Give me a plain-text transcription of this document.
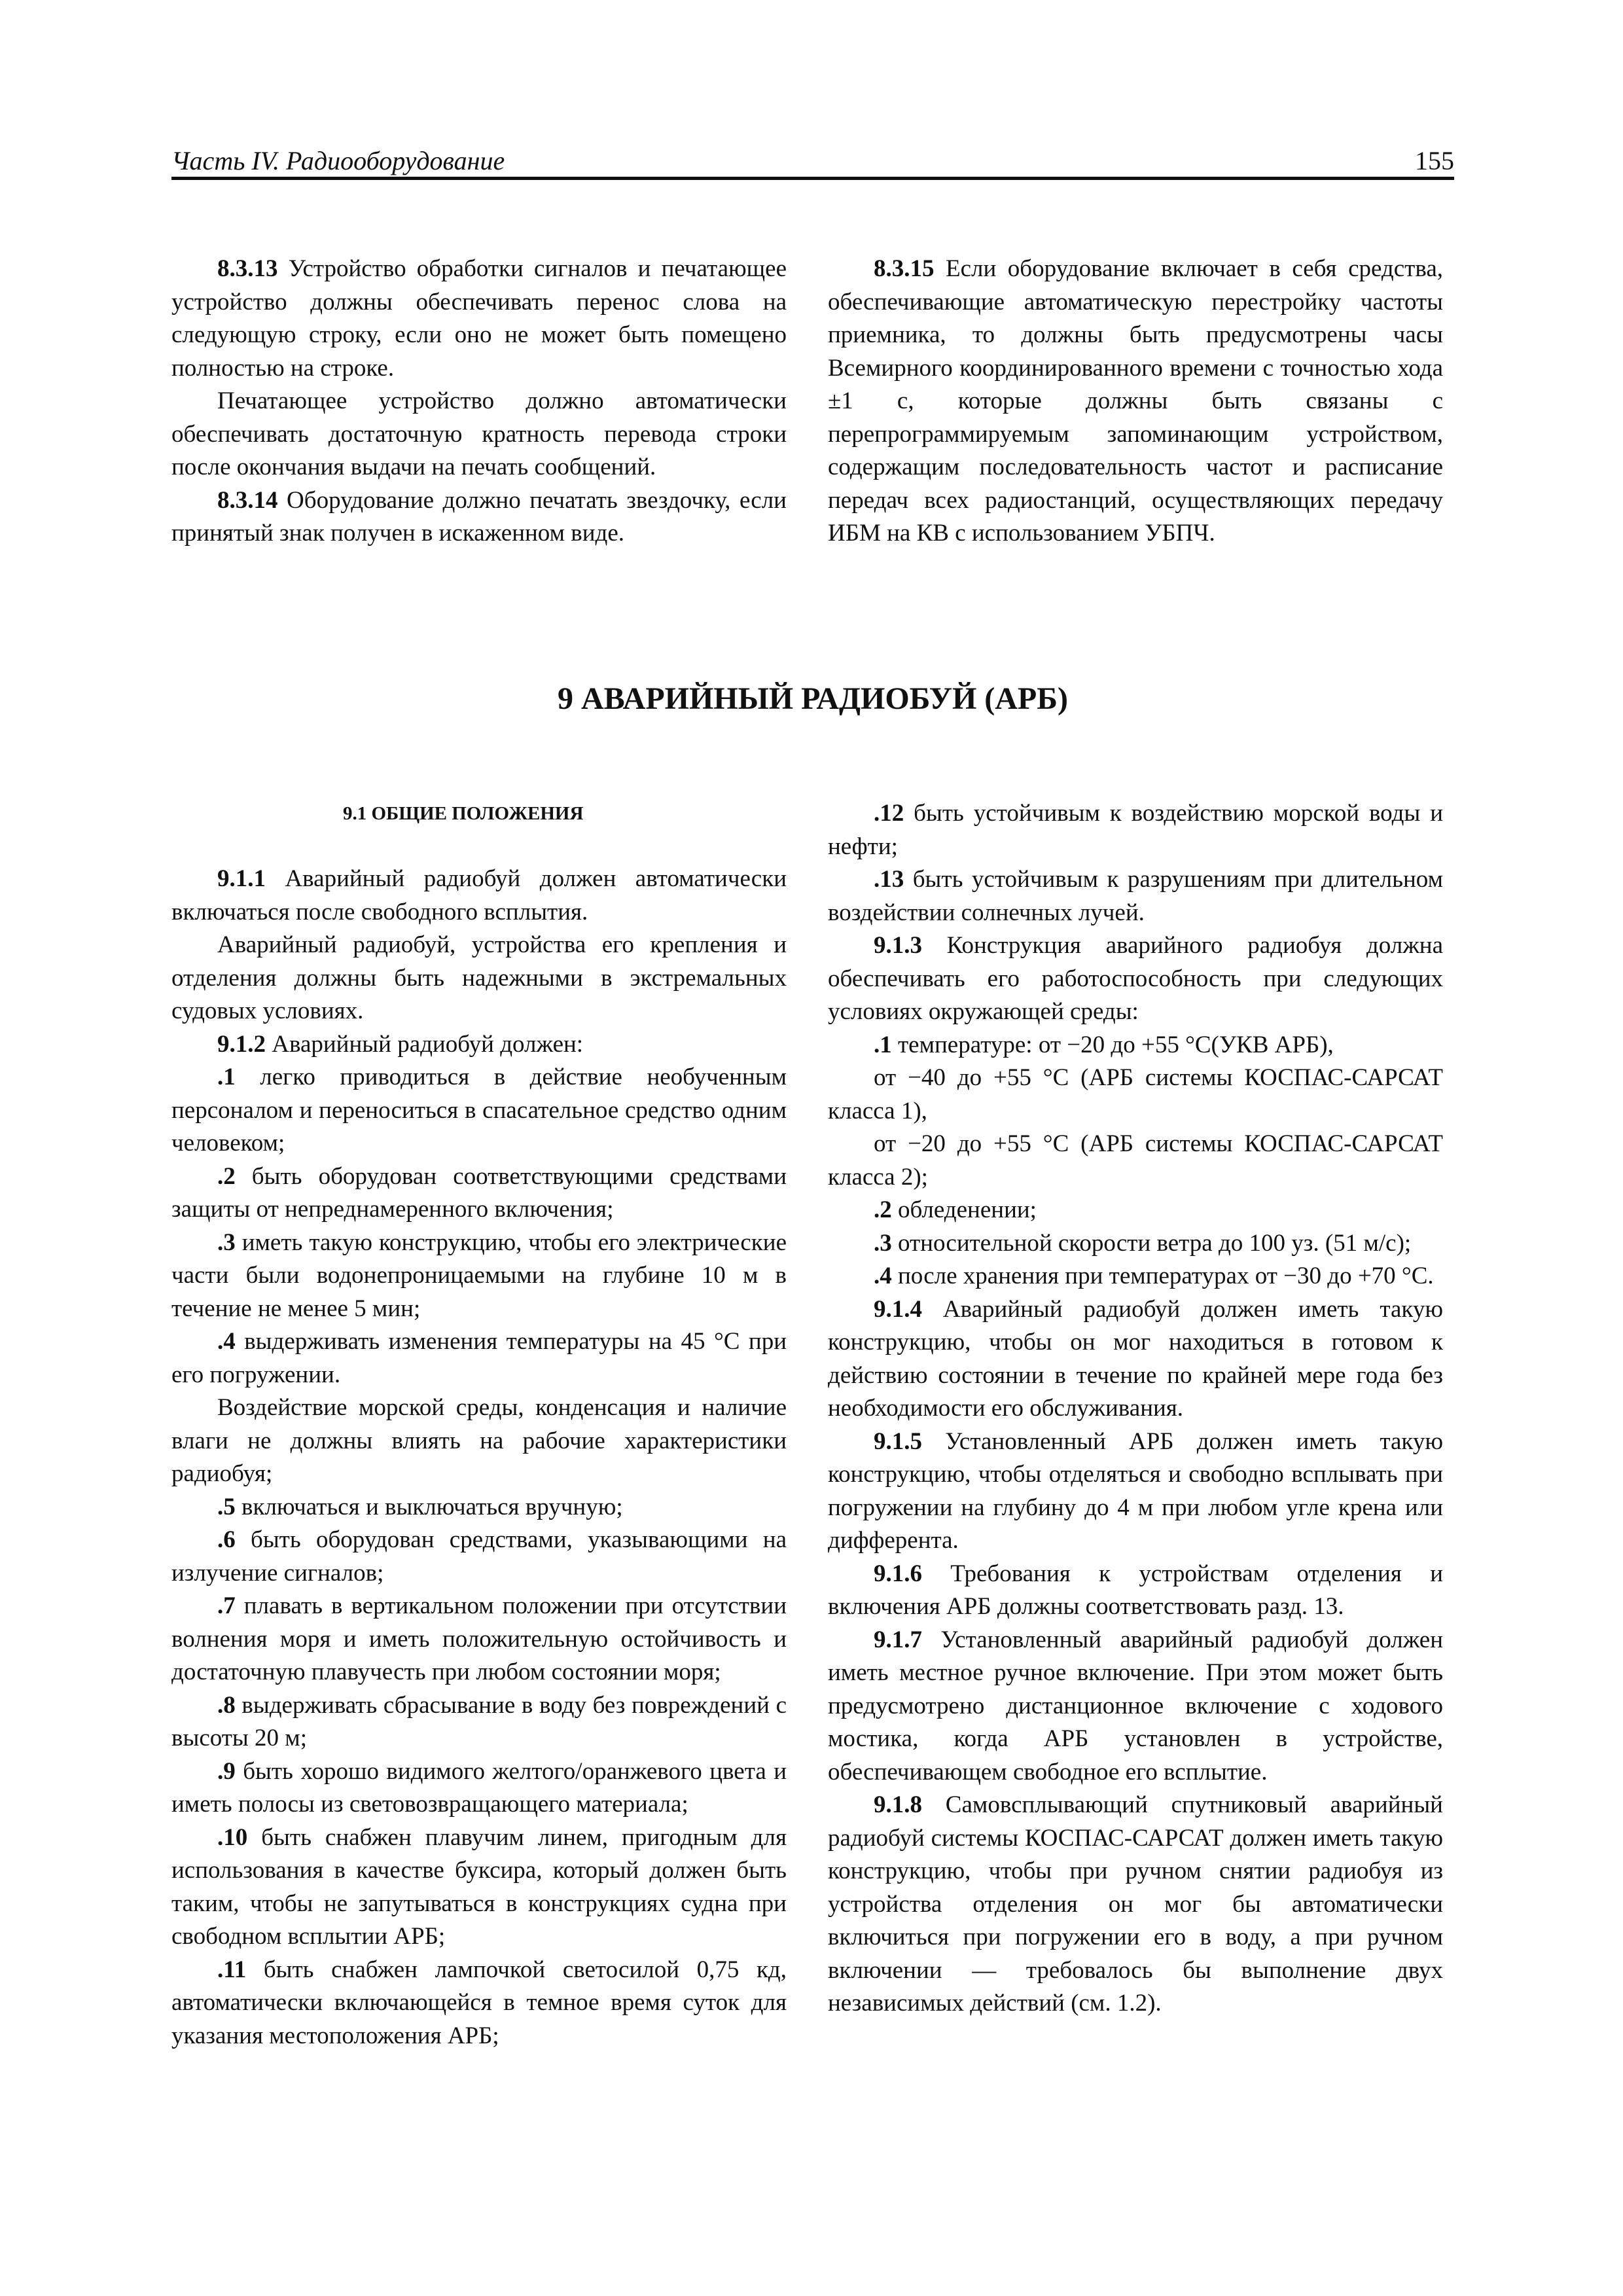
Часть IV. Радиооборудование	155

8.3.13 Устройство обработки сигналов и печатающее устройство должны обеспечивать перенос слова на следующую строку, если оно не может быть помещено полностью на строке.

Печатающее устройство должно автоматически обеспечивать достаточную кратность перевода строки после окончания выдачи на печать сообщений.

8.3.14 Оборудование должно печатать звездочку, если принятый знак получен в искаженном виде.

8.3.15 Если оборудование включает в себя средства, обеспечивающие автоматическую перестройку частоты приемника, то должны быть предусмотрены часы Всемирного координированного времени с точностью хода ±1 с, которые должны быть связаны с перепрограммируемым запоминающим устройством, содержащим последовательность частот и расписание передач всех радиостанций, осуществляющих передачу ИБМ на КВ с использованием УБПЧ.

9 АВАРИЙНЫЙ РАДИОБУЙ (АРБ)

9.1 ОБЩИЕ ПОЛОЖЕНИЯ

9.1.1 Аварийный радиобуй должен автоматически включаться после свободного всплытия.

Аварийный радиобуй, устройства его крепления и отделения должны быть надежными в экстремальных судовых условиях.

9.1.2 Аварийный радиобуй должен:

.1 легко приводиться в действие необученным персоналом и переноситься в спасательное средство одним человеком;

.2 быть оборудован соответствующими средствами защиты от непреднамеренного включения;

.3 иметь такую конструкцию, чтобы его электрические части были водонепроницаемыми на глубине 10 м в течение не менее 5 мин;

.4 выдерживать изменения температуры на 45 °С при его погружении.

Воздействие морской среды, конденсация и наличие влаги не должны влиять на рабочие характеристики радиобуя;

.5 включаться и выключаться вручную;

.6 быть оборудован средствами, указывающими на излучение сигналов;

.7 плавать в вертикальном положении при отсутствии волнения моря и иметь положительную остойчивость и достаточную плавучесть при любом состоянии моря;

.8 выдерживать сбрасывание в воду без повреждений с высоты 20 м;

.9 быть хорошо видимого желтого/оранжевого цвета и иметь полосы из световозвращающего материала;

.10 быть снабжен плавучим линем, пригодным для использования в качестве буксира, который должен быть таким, чтобы не запутываться в конструкциях судна при свободном всплытии АРБ;

.11 быть снабжен лампочкой светосилой 0,75 кд, автоматически включающейся в темное время суток для указания местоположения АРБ;

.12 быть устойчивым к воздействию морской воды и нефти;

.13 быть устойчивым к разрушениям при длительном воздействии солнечных лучей.

9.1.3 Конструкция аварийного радиобуя должна обеспечивать его работоспособность при следующих условиях окружающей среды:

.1 температуре: от −20 до +55 °С(УКВ АРБ),

от −40 до +55 °С (АРБ системы КОСПАС-САРСАТ класса 1),

от −20 до +55 °С (АРБ системы КОСПАС-САРСАТ класса 2);

.2 обледенении;

.3 относительной скорости ветра до 100 уз. (51 м/с);

.4 после хранения при температурах от −30 до +70 °С.

9.1.4 Аварийный радиобуй должен иметь такую конструкцию, чтобы он мог находиться в готовом к действию состоянии в течение по крайней мере года без необходимости его обслуживания.

9.1.5 Установленный АРБ должен иметь такую конструкцию, чтобы отделяться и свободно всплывать при погружении на глубину до 4 м при любом угле крена или дифферента.

9.1.6 Требования к устройствам отделения и включения АРБ должны соответствовать разд. 13.

9.1.7 Установленный аварийный радиобуй должен иметь местное ручное включение. При этом может быть предусмотрено дистанционное включение с ходового мостика, когда АРБ установлен в устройстве, обеспечивающем свободное его всплытие.

9.1.8 Самовсплывающий спутниковый аварийный радиобуй системы КОСПАС-САРСАТ должен иметь такую конструкцию, чтобы при ручном снятии радиобуя из устройства отделения он мог бы автоматически включиться при погружении его в воду, а при ручном включении — требовалось бы выполнение двух независимых действий (см. 1.2).
